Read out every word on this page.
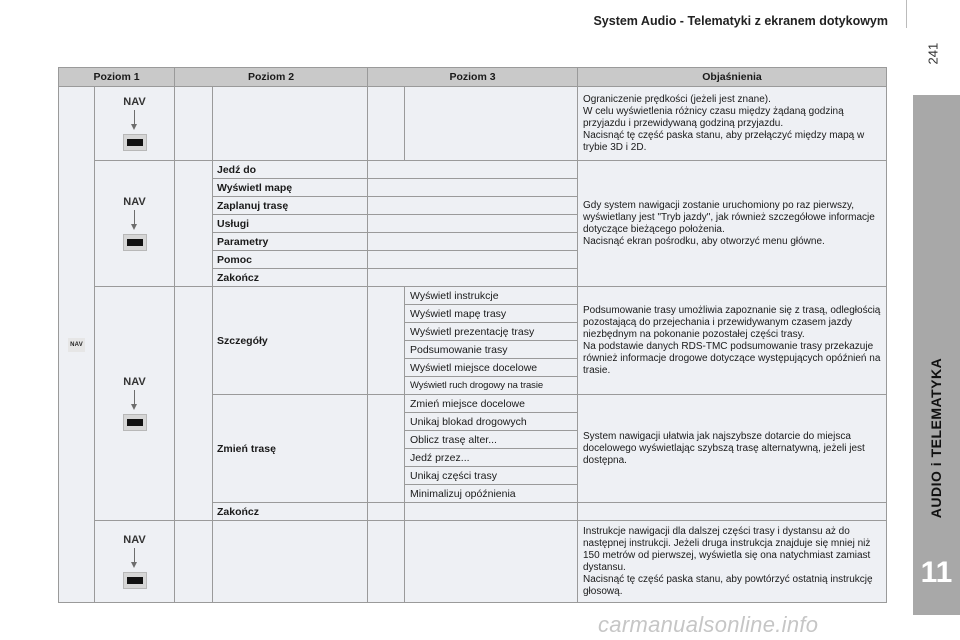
System Audio - Telematyki z ekranem dotykowym
241
AUDIO i TELEMATYKA
11
carmanualsonline.info
Poziom 1		Poziom 2		Poziom 3		Objaśnienia
NAV	NAV					Ograniczenie prędkości (jeżeli jest znane).
W celu wyświetlenia różnicy czasu między żądaną godziną przyjazdu i przewidywaną godziną przyjazdu.
Nacisnąć tę część paska stanu, aby przełączyć między mapą w trybie 3D i 2D.

	NAV		Jedź do			Gdy system nawigacji zostanie uruchomiony po raz pierwszy, wyświetlany jest "Tryb jazdy", jak również szczegółowe informacje dotyczące bieżącego położenia.
Nacisnąć ekran pośrodku, aby otworzyć menu główne.
			Wyświetl mapę			
			Zaplanuj trasę			
			Usługi			
			Parametry			
			Pomoc			
			Zakończ			

	NAV		Szczegóły		Wyświetl instrukcje	Podsumowanie trasy umożliwia zapoznanie się z trasą, odległością pozostającą do przejechania i przewidywanym czasem jazdy niezbędnym na pokonanie pozostałej części trasy.
Na podstawie danych RDS-TMC podsumowanie trasy przekazuje również informacje drogowe dotyczące występujących opóźnień na trasie.
					Wyświetl mapę trasy	
					Wyświetl prezentację trasy	
					Podsumowanie trasy	
					Wyświetl miejsce docelowe	
					Wyświetl ruch drogowy na trasie	
			Zmień trasę		Zmień miejsce docelowe	System nawigacji ułatwia jak najszybsze dotarcie do miejsca docelowego wyświetlając szybszą trasę alternatywną, jeżeli jest dostępna.
					Unikaj blokad drogowych	
					Oblicz trasę alter...	
					Jedź przez...	
					Unikaj części trasy	
					Minimalizuj opóźnienia	
			Zakończ			

	NAV					Instrukcje nawigacji dla dalszej części trasy i dystansu aż do następnej instrukcji. Jeżeli druga instrukcja znajduje się mniej niż 150 metrów od pierwszej, wyświetla się ona natychmiast zamiast dystansu.
Nacisnąć tę część paska stanu, aby powtórzyć ostatnią instrukcję głosową.
